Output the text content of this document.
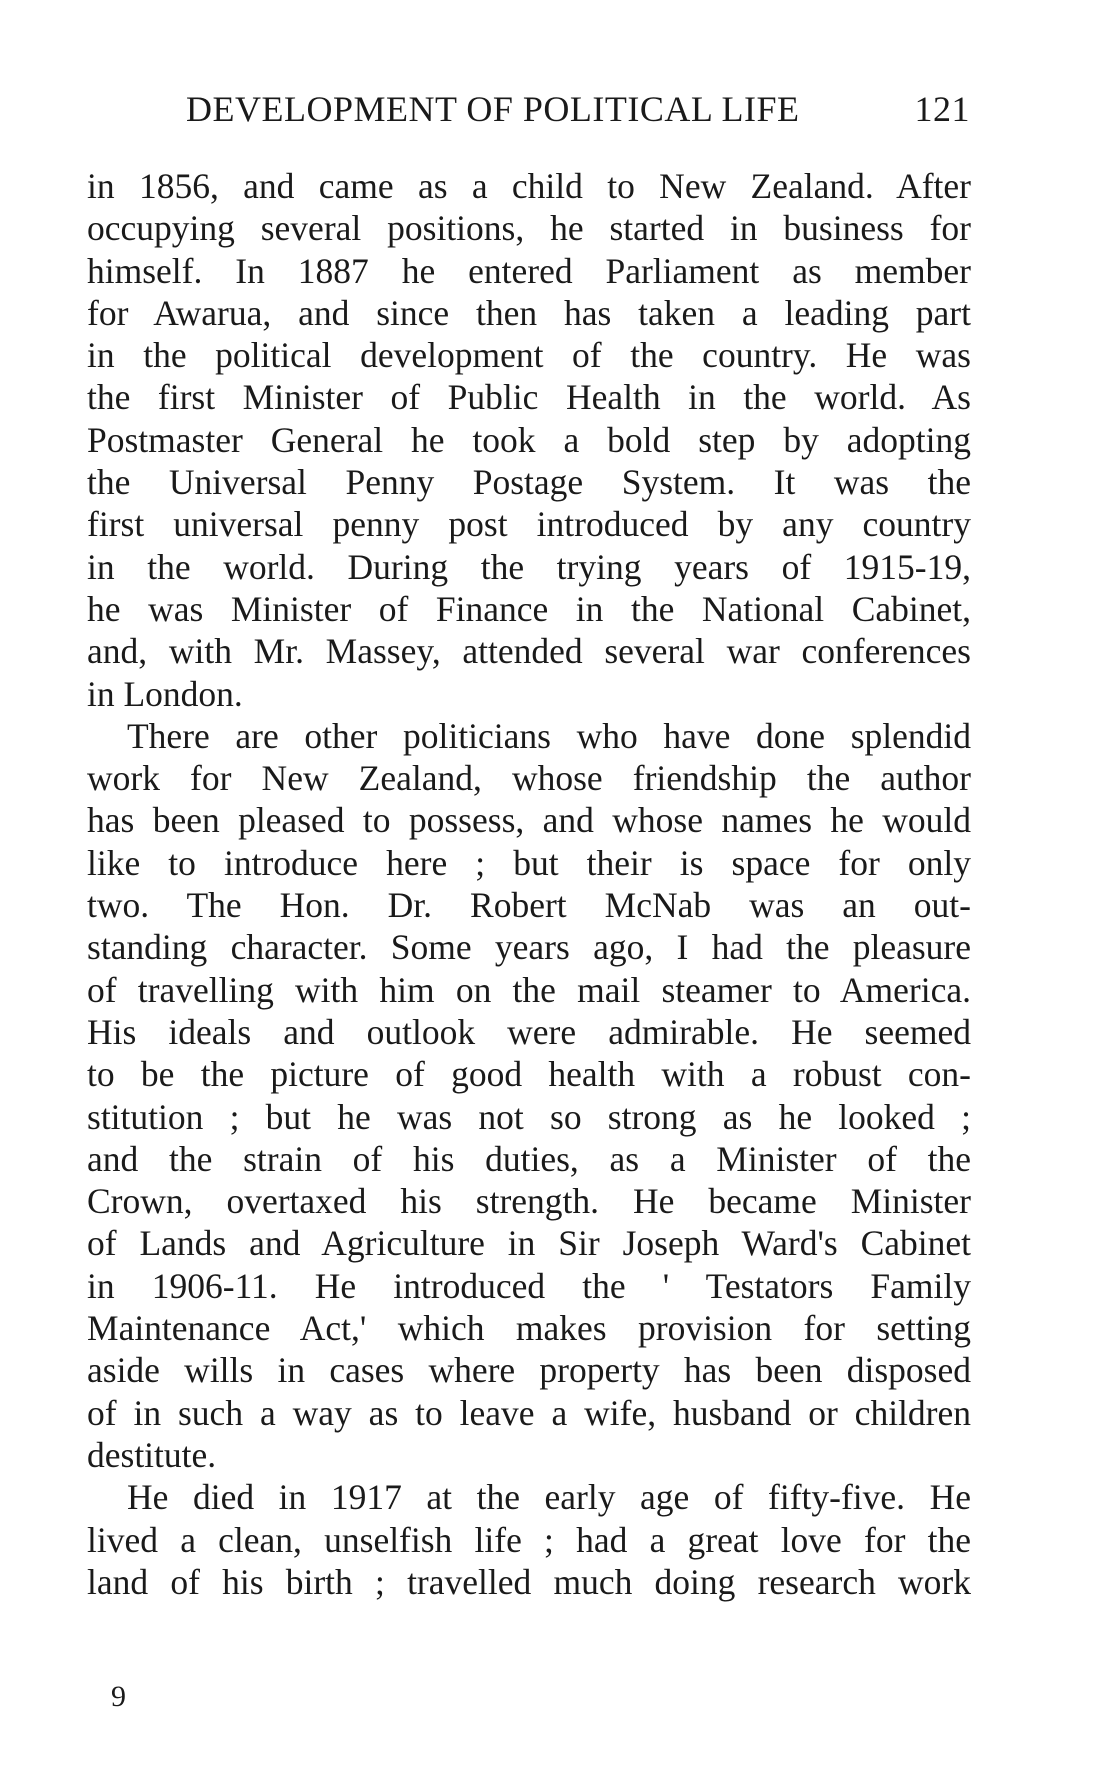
DEVELOPMENT OF POLITICAL LIFE	121
in 1856, and came as a child to New Zealand. After
occupying several positions, he started in business for
himself. In 1887 he entered Parliament as member
for Awarua, and since then has taken a leading part
in the political development of the country. He was
the first Minister of Public Health in the world. As
Postmaster General he took a bold step by adopting
the Universal Penny Postage System. It was the
first universal penny post introduced by any country
in the world. During the trying years of 1915-19,
he was Minister of Finance in the National Cabinet,
and, with Mr. Massey, attended several war conferences
in London.
There are other politicians who have done splendid
work for New Zealand, whose friendship the author
has been pleased to possess, and whose names he would
like to introduce here ; but their is space for only
two. The Hon. Dr. Robert McNab was an out-
standing character. Some years ago, I had the pleasure
of travelling with him on the mail steamer to America.
His ideals and outlook were admirable. He seemed
to be the picture of good health with a robust con-
stitution ; but he was not so strong as he looked ;
and the strain of his duties, as a Minister of the
Crown, overtaxed his strength. He became Minister
of Lands and Agriculture in Sir Joseph Ward's Cabinet
in 1906-11. He introduced the ' Testators Family
Maintenance Act,' which makes provision for setting
aside wills in cases where property has been disposed
of in such a way as to leave a wife, husband or children
destitute.
He died in 1917 at the early age of fifty-five. He
lived a clean, unselfish life ; had a great love for the
land of his birth ; travelled much doing research work
9
